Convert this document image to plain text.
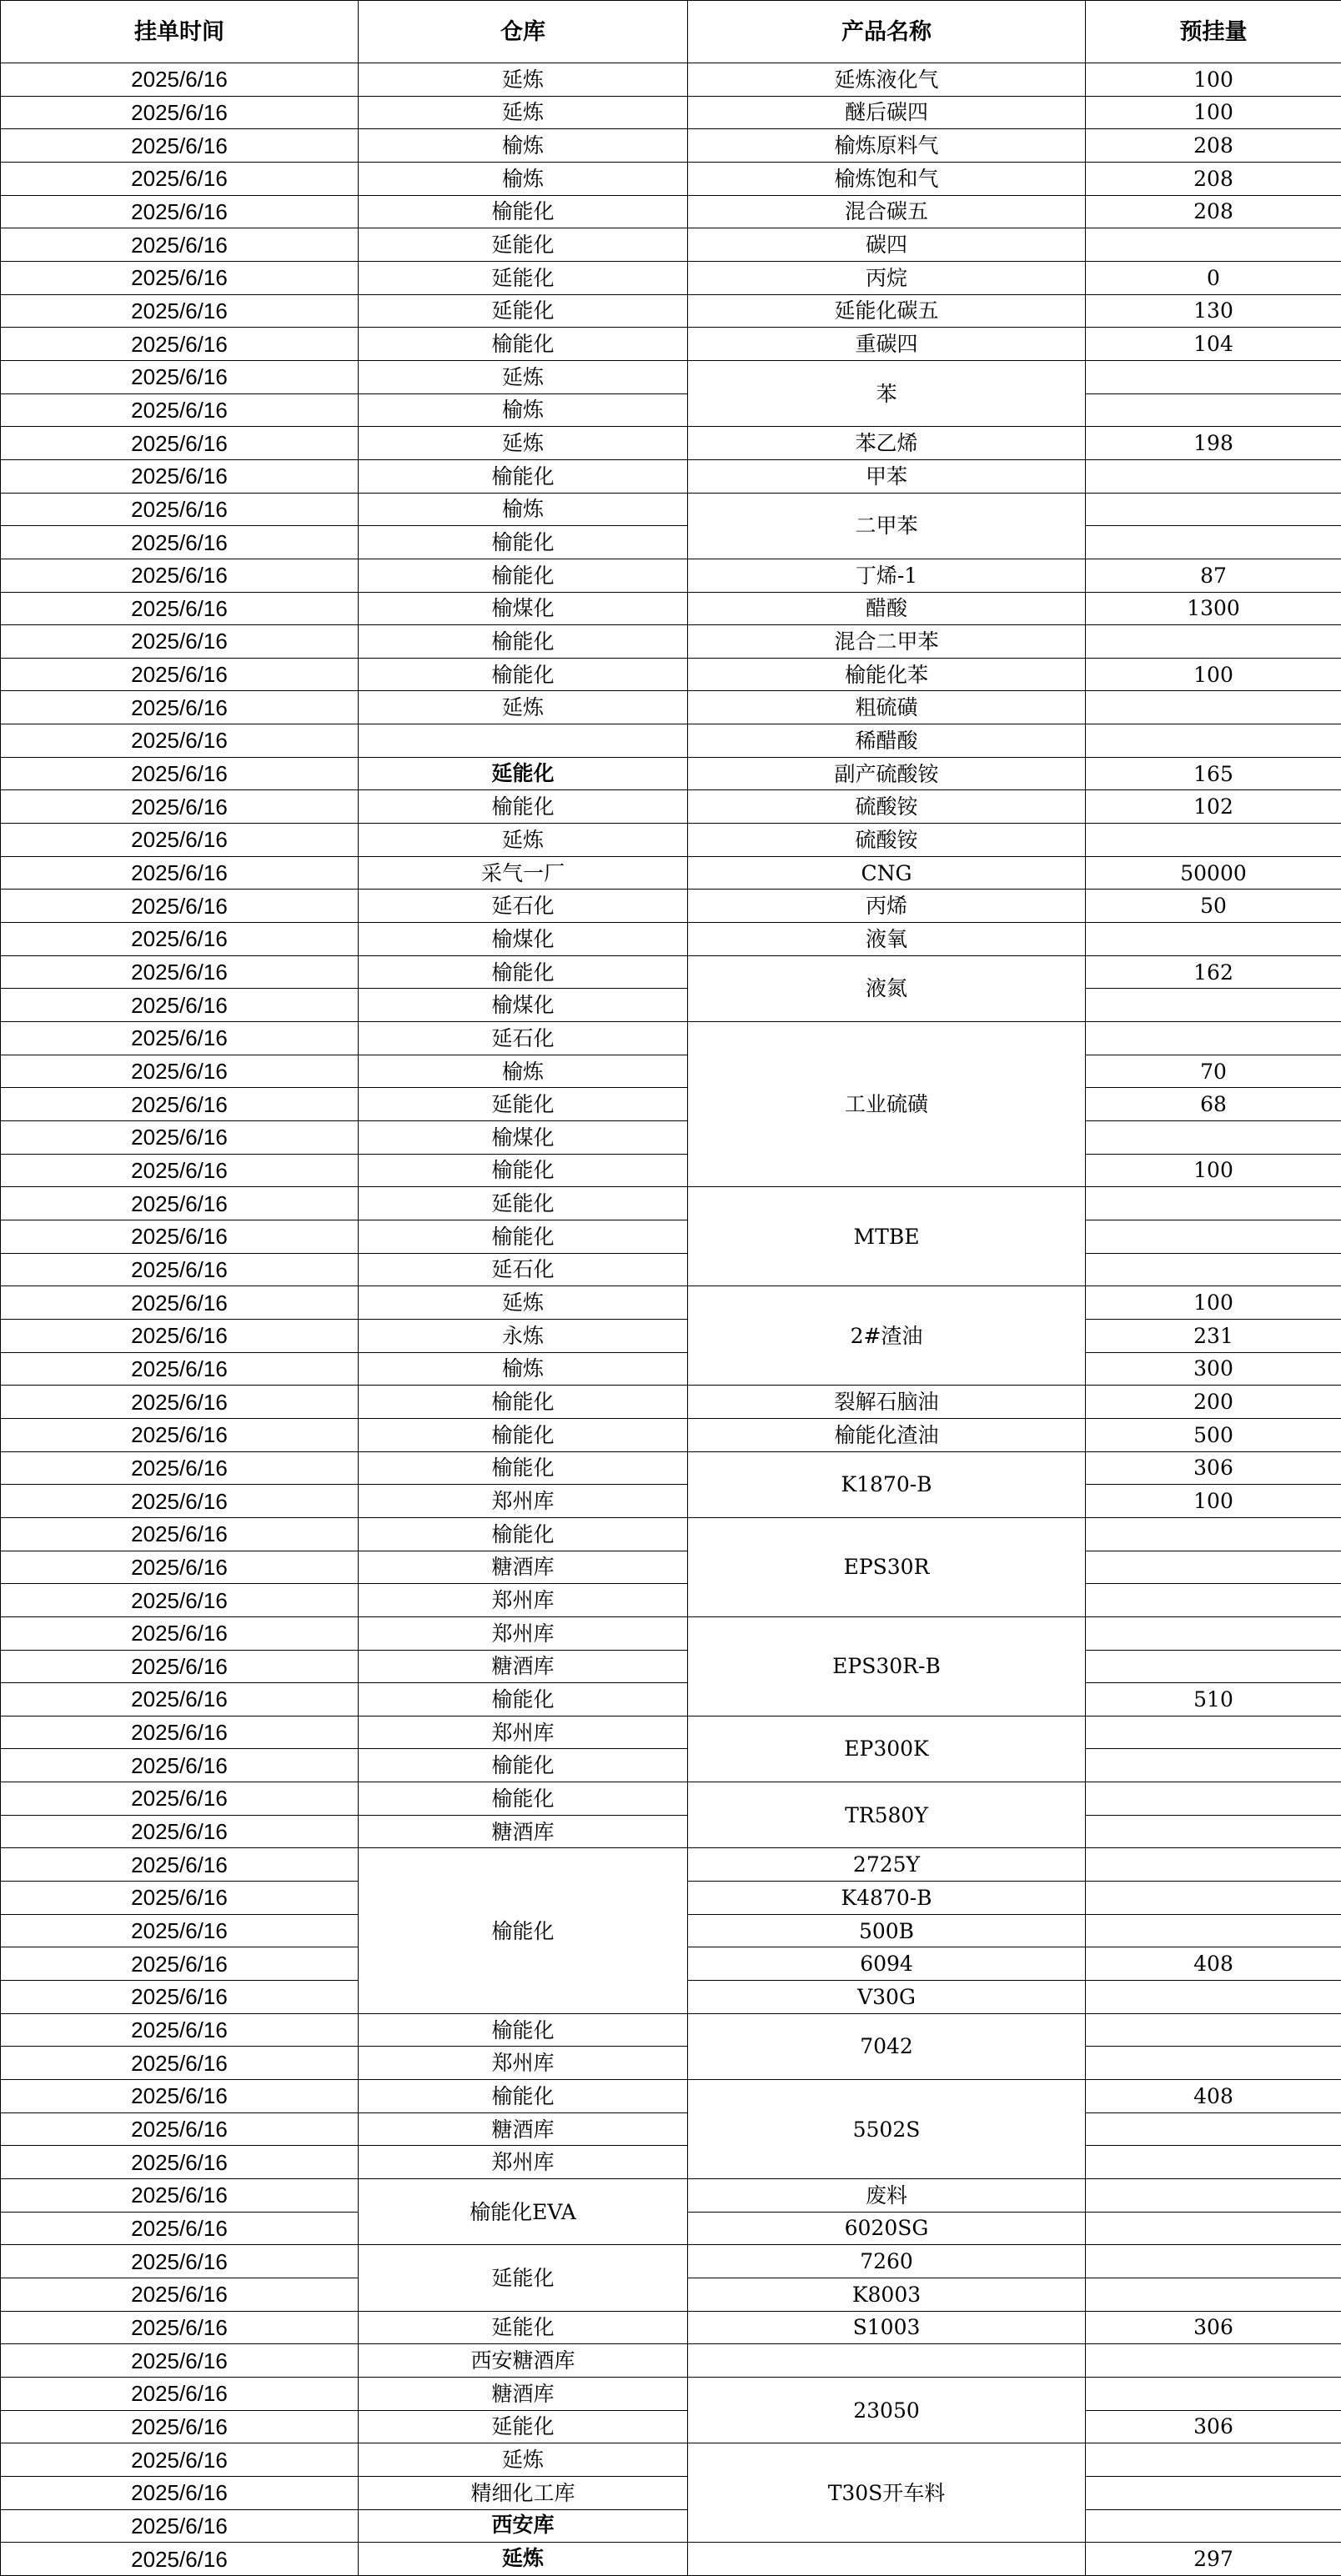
挂单时间	仓库	产品名称	预挂量
2025/6/16	延炼	延炼液化气	100
2025/6/16	延炼	醚后碳四	100
2025/6/16	榆炼	榆炼原料气	208
2025/6/16	榆炼	榆炼饱和气	208
2025/6/16	榆能化	混合碳五	208
2025/6/16	延能化	碳四	
2025/6/16	延能化	丙烷	0
2025/6/16	延能化	延能化碳五	130
2025/6/16	榆能化	重碳四	104
2025/6/16	延炼	苯	
2025/6/16	榆炼		
2025/6/16	延炼	苯乙烯	198
2025/6/16	榆能化	甲苯	
2025/6/16	榆炼	二甲苯	
2025/6/16	榆能化		
2025/6/16	榆能化	丁烯-1	87
2025/6/16	榆煤化	醋酸	1300
2025/6/16	榆能化	混合二甲苯	
2025/6/16	榆能化	榆能化苯	100
2025/6/16	延炼	粗硫磺	
2025/6/16		稀醋酸	
2025/6/16	延能化	副产硫酸铵	165
2025/6/16	榆能化	硫酸铵	102
2025/6/16	延炼	硫酸铵	
2025/6/16	采气一厂	CNG	50000
2025/6/16	延石化	丙烯	50
2025/6/16	榆煤化	液氧	
2025/6/16	榆能化	液氮	162
2025/6/16	榆煤化		
2025/6/16	延石化	工业硫磺	
2025/6/16	榆炼		70
2025/6/16	延能化		68
2025/6/16	榆煤化		
2025/6/16	榆能化		100
2025/6/16	延能化	MTBE	
2025/6/16	榆能化		
2025/6/16	延石化		
2025/6/16	延炼	2#渣油	100
2025/6/16	永炼		231
2025/6/16	榆炼		300
2025/6/16	榆能化	裂解石脑油	200
2025/6/16	榆能化	榆能化渣油	500
2025/6/16	榆能化	K1870-B	306
2025/6/16	郑州库		100
2025/6/16	榆能化	EPS30R	
2025/6/16	糖酒库		
2025/6/16	郑州库		
2025/6/16	郑州库	EPS30R-B	
2025/6/16	糖酒库		
2025/6/16	榆能化		510
2025/6/16	郑州库	EP300K	
2025/6/16	榆能化		
2025/6/16	榆能化	TR580Y	
2025/6/16	糖酒库		
2025/6/16	榆能化	2725Y	
2025/6/16		K4870-B	
2025/6/16		500B	
2025/6/16		6094	408
2025/6/16		V30G	
2025/6/16	榆能化	7042	
2025/6/16	郑州库		
2025/6/16	榆能化	5502S	408
2025/6/16	糖酒库		
2025/6/16	郑州库		
2025/6/16	榆能化EVA	废料	
2025/6/16		6020SG	
2025/6/16	延能化	7260	
2025/6/16		K8003	
2025/6/16	延能化	S1003	306
2025/6/16	西安糖酒库		
2025/6/16	糖酒库	23050	
2025/6/16	延能化		306
2025/6/16	延炼	T30S开车料	
2025/6/16	精细化工库		
2025/6/16	西安库		
2025/6/16	延炼		297
